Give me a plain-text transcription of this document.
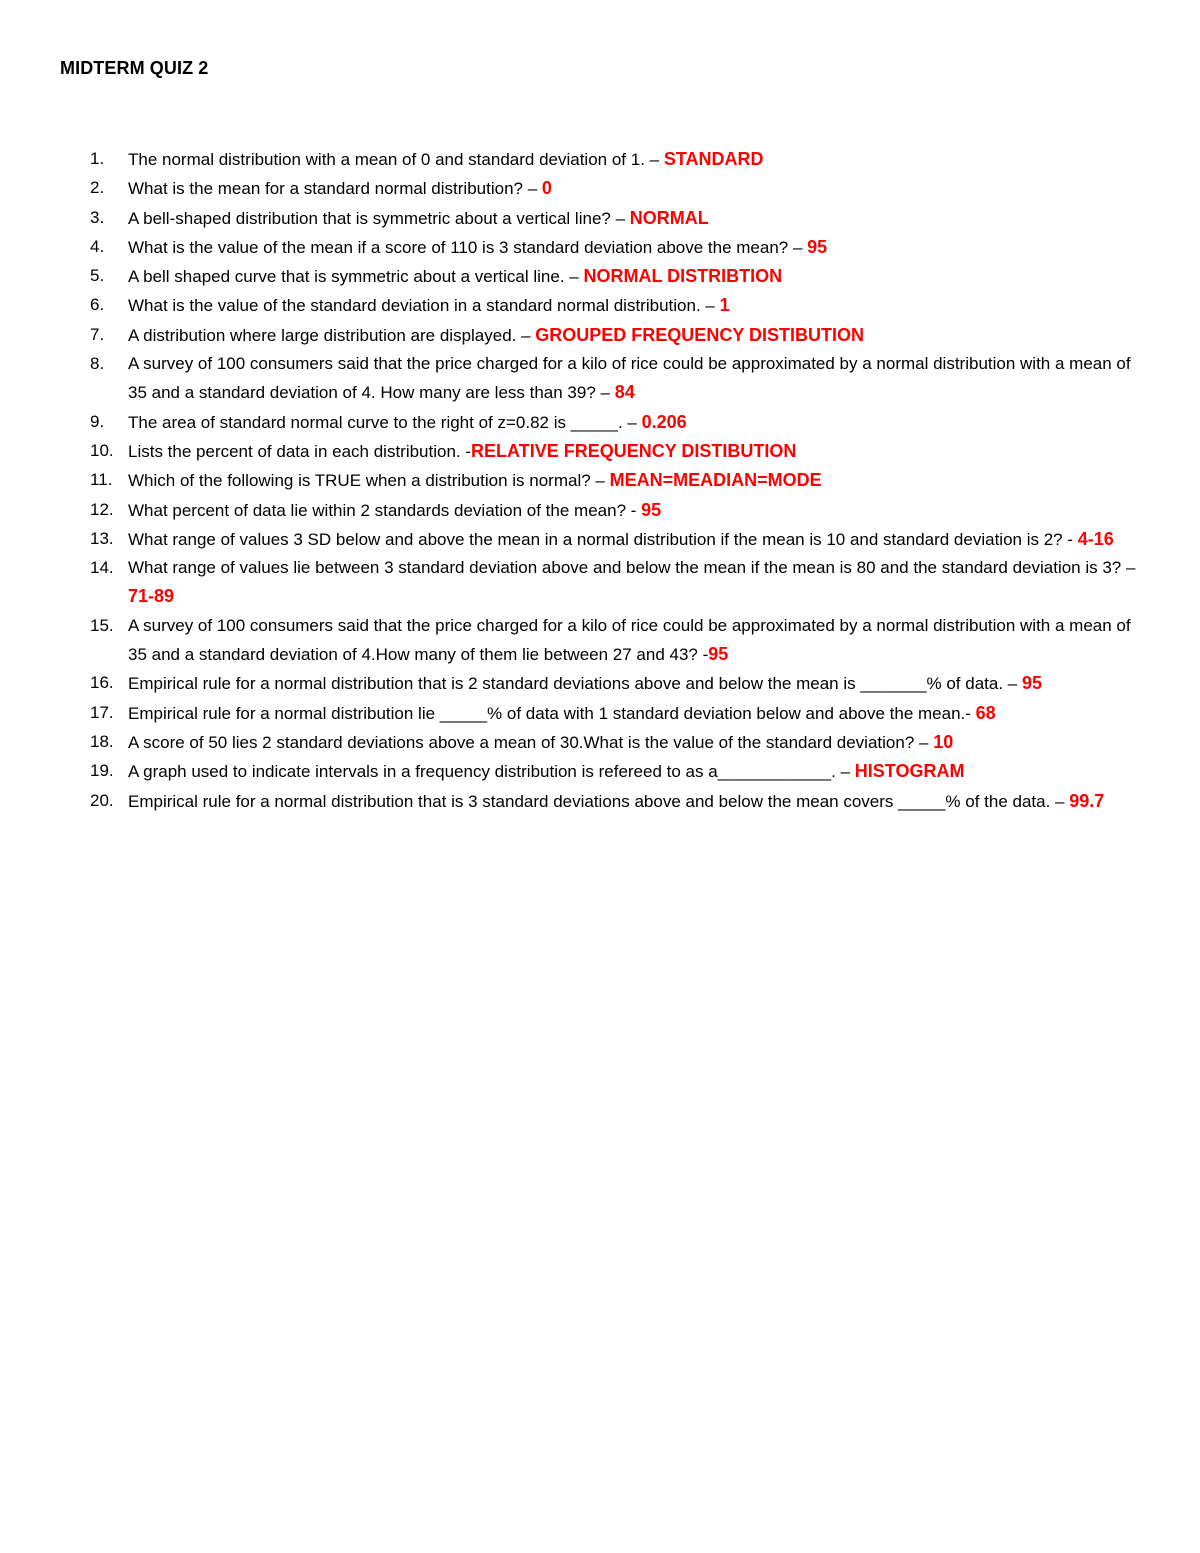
MIDTERM QUIZ 2
1.	The normal distribution with a mean of 0 and standard deviation of 1. – STANDARD
2.	What is the mean for a standard normal distribution? – 0
3.	A bell-shaped distribution that is symmetric about a vertical line? – NORMAL
4.	What is the value of the mean if a score of 110 is 3 standard deviation above the mean? – 95
5.	A bell shaped curve that is symmetric about a vertical line. – NORMAL DISTRIBTION
6.	What is the value of the standard deviation in a standard normal distribution. – 1
7.	A distribution where large distribution are displayed. – GROUPED FREQUENCY DISTIBUTION
8.	A survey of 100 consumers said that the price charged for a kilo of rice could be approximated by a normal distribution with a mean of 35 and a standard deviation of 4. How many are less than 39? – 84
9.	The area of standard normal curve to the right of z=0.82 is _____. – 0.206
10. Lists the percent of data in each distribution. -RELATIVE FREQUENCY DISTIBUTION
11. Which of the following is TRUE when a distribution is normal? – MEAN=MEADIAN=MODE
12. What percent of data lie within 2 standards deviation of the mean? - 95
13. What range of values 3 SD below and above the mean in a normal distribution if the mean is 10 and standard deviation is 2? - 4-16
14. What range of values lie between 3 standard deviation above and below the mean if the mean is 80 and the standard deviation is 3? – 71-89
15. A survey of 100 consumers said that the price charged for a kilo of rice could be approximated by a normal distribution with a mean of 35 and a standard deviation of 4.How many of them lie between 27 and 43? -95
16. Empirical rule for a normal distribution that is 2 standard deviations above and below the mean is _______% of data. – 95
17. Empirical rule for a normal distribution lie _____% of data with 1 standard deviation below and above the mean.- 68
18. A score of 50 lies 2 standard deviations above a mean of 30.What is the value of the standard deviation? – 10
19. A graph used to indicate intervals in a frequency distribution is refereed to as a____________. – HISTOGRAM
20. Empirical rule for a normal distribution that is 3 standard deviations above and below the mean covers _____% of the data. – 99.7
